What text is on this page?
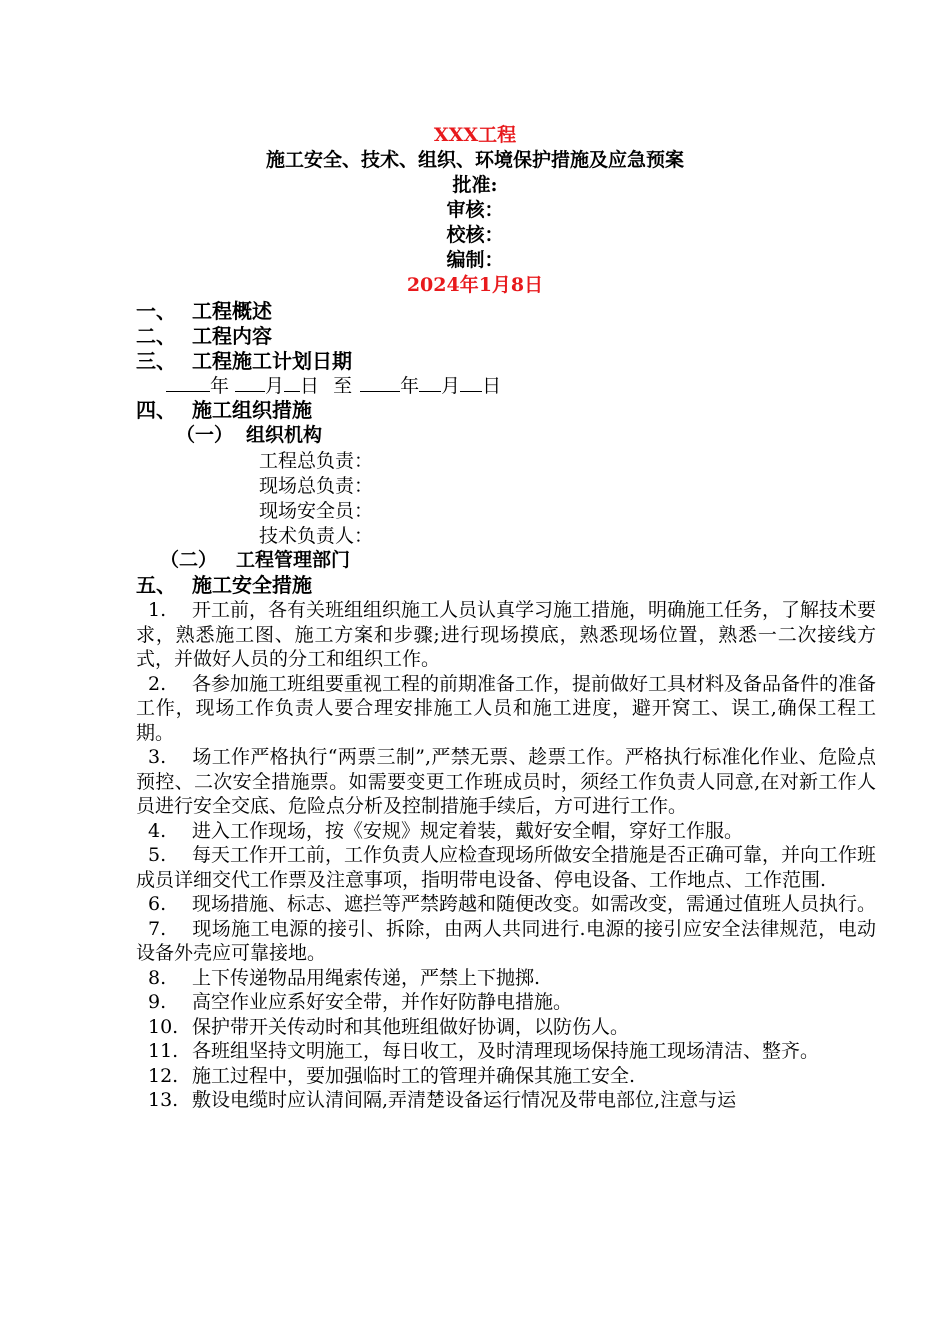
XXX工程
施工安全、技术、组织、环境保护措施及应急预案
批准:
审核：
校核：
编制：
2024年1月8日
一、 工程概述
二、 工程内容
三、 工程施工计划日期
年 月 日 至	年 月 日
四、 施工组织措施
（一） 组织机构
工程总负责：
现场总负责：
现场安全员：
技术负责人：
（二） 工程管理部门
五、 施工安全措施

1. 开工前，各有关班组组织施工人员认真学习施工措施，明确施工任务，了解技术要求，熟悉施工图、施工方案和步骤;进行现场摸底，熟悉现场位置，熟悉一二次接线方式，并做好人员的分工和组织工作。

2. 各参加施工班组要重视工程的前期准备工作，提前做好工具材料及备品备件的准备工作，现场工作负责人要合理安排施工人员和施工进度，避开窝工、误工,确保工程工期。

3. 场工作严格执行“两票三制”,严禁无票、趁票工作。严格执行标准化作业、危险点预控、二次安全措施票。如需要变更工作班成员时，须经工作负责人同意,在对新工作人员进行安全交底、危险点分析及控制措施手续后，方可进行工作。

4. 进入工作现场，按《安规》规定着装，戴好安全帽，穿好工作服。

5. 每天工作开工前，工作负责人应检查现场所做安全措施是否正确可靠，并向工作班成员详细交代工作票及注意事项，指明带电设备、停电设备、工作地点、工作范围.

6. 现场措施、标志、遮拦等严禁跨越和随便改变。如需改变，需通过值班人员执行。

7. 现场施工电源的接引、拆除，由两人共同进行.电源的接引应安全法律规范，电动设备外壳应可靠接地。

8. 上下传递物品用绳索传递，严禁上下抛掷.

9. 高空作业应系好安全带，并作好防静电措施。

10. 保护带开关传动时和其他班组做好协调，以防伤人。

11. 各班组坚持文明施工，每日收工，及时清理现场保持施工现场清洁、整齐。

12. 施工过程中，要加强临时工的管理并确保其施工安全.

13. 敷设电缆时应认清间隔,弄清楚设备运行情况及带电部位,注意与运
